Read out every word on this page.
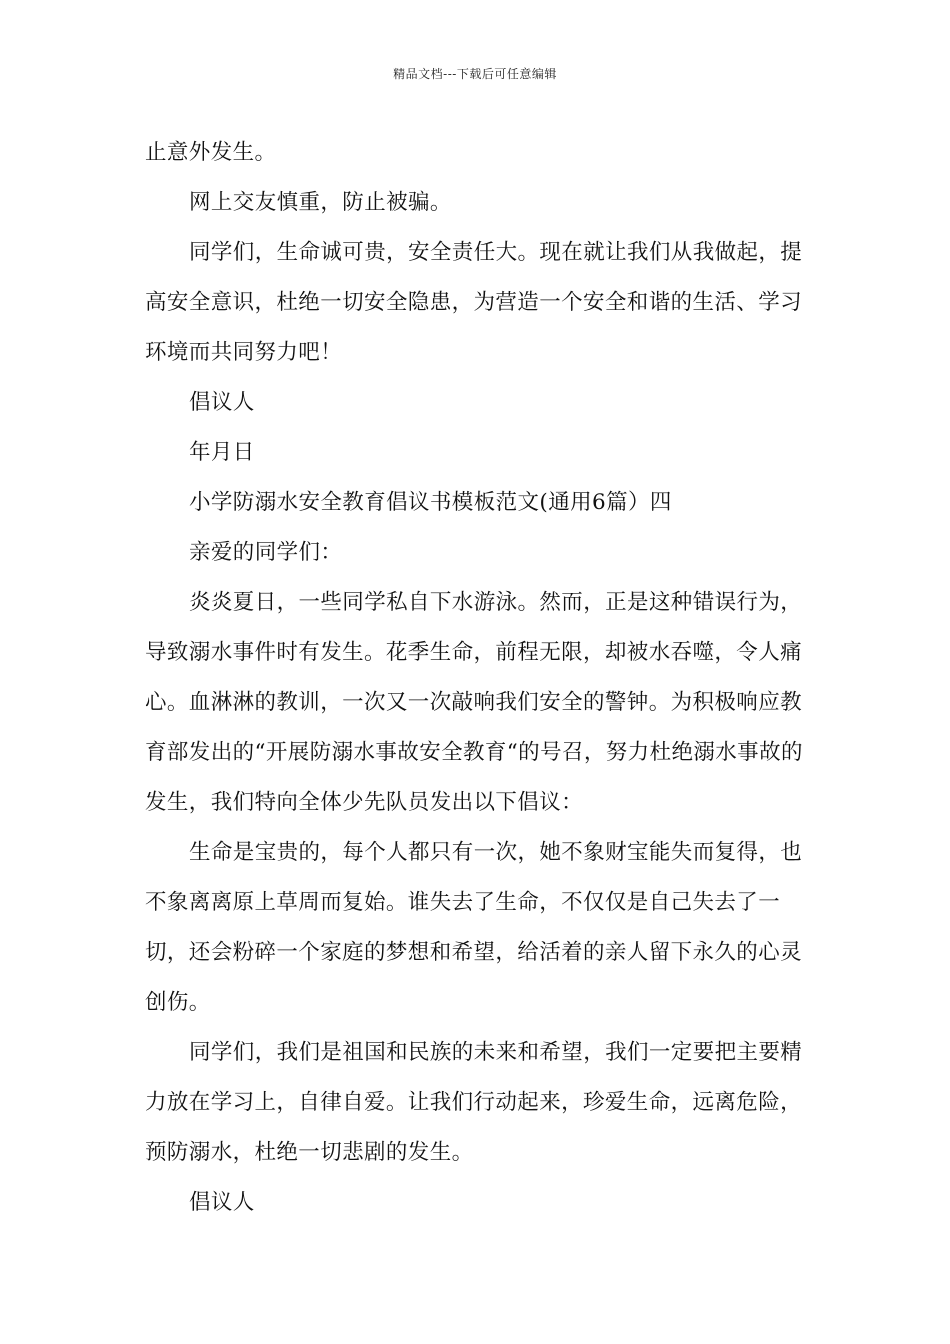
精品文档---下载后可任意编辑

止意外发生。

网上交友慎重，防止被骗。

同学们，生命诚可贵，安全责任大。现在就让我们从我做起，提高安全意识，杜绝一切安全隐患，为营造一个安全和谐的生活、学习环境而共同努力吧！

倡议人

年月日

小学防溺水安全教育倡议书模板范文(通用6篇）四

亲爱的同学们：

炎炎夏日，一些同学私自下水游泳。然而，正是这种错误行为，导致溺水事件时有发生。花季生命，前程无限，却被水吞噬，令人痛心。血淋淋的教训，一次又一次敲响我们安全的警钟。为积极响应教育部发出的“开展防溺水事故安全教育“的号召，努力杜绝溺水事故的发生，我们特向全体少先队员发出以下倡议：

生命是宝贵的，每个人都只有一次，她不象财宝能失而复得，也不象离离原上草周而复始。谁失去了生命，不仅仅是自己失去了一切，还会粉碎一个家庭的梦想和希望，给活着的亲人留下永久的心灵创伤。

同学们，我们是祖国和民族的未来和希望，我们一定要把主要精力放在学习上，自律自爱。让我们行动起来，珍爱生命，远离危险，预防溺水，杜绝一切悲剧的发生。

倡议人
